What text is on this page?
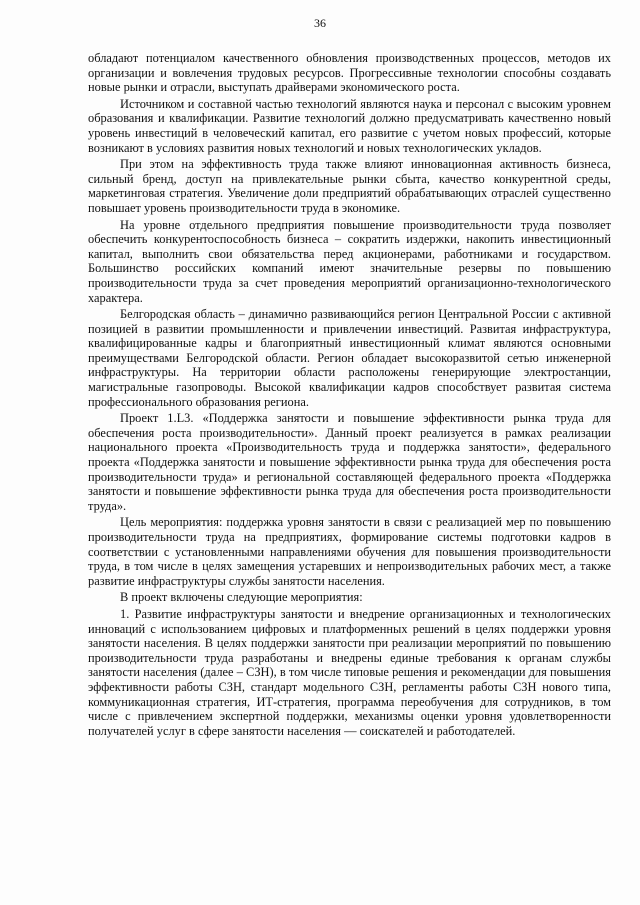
36

обладают потенциалом качественного обновления производственных процессов, методов их организации и вовлечения трудовых ресурсов. Прогрессивные технологии способны создавать новые рынки и отрасли, выступать драйверами экономического роста.

Источником и составной частью технологий являются наука и персонал с высоким уровнем образования и квалификации. Развитие технологий должно предусматривать качественно новый уровень инвестиций в человеческий капитал, его развитие с учетом новых профессий, которые возникают в условиях развития новых технологий и новых технологических укладов.

При этом на эффективность труда также влияют инновационная активность бизнеса, сильный бренд, доступ на привлекательные рынки сбыта, качество конкурентной среды, маркетинговая стратегия. Увеличение доли предприятий обрабатывающих отраслей существенно повышает уровень производительности труда в экономике.

На уровне отдельного предприятия повышение производительности труда позволяет обеспечить конкурентоспособность бизнеса – сократить издержки, накопить инвестиционный капитал, выполнить свои обязательства перед акционерами, работниками и государством. Большинство российских компаний имеют значительные резервы по повышению производительности труда за счет проведения мероприятий организационно-технологического характера.

Белгородская область – динамично развивающийся регион Центральной России с активной позицией в развитии промышленности и привлечении инвестиций. Развитая инфраструктура, квалифицированные кадры и благоприятный инвестиционный климат являются основными преимуществами Белгородской области. Регион обладает высокоразвитой сетью инженерной инфраструктуры. На территории области расположены генерирующие электростанции, магистральные газопроводы. Высокой квалификации кадров способствует развитая система профессионального образования региона.

Проект 1.L3. «Поддержка занятости и повышение эффективности рынка труда для обеспечения роста производительности». Данный проект реализуется в рамках реализации национального проекта «Производительность труда и поддержка занятости», федерального проекта «Поддержка занятости и повышение эффективности рынка труда для обеспечения роста производительности труда» и региональной составляющей федерального проекта «Поддержка занятости и повышение эффективности рынка труда для обеспечения роста производительности труда».

Цель мероприятия: поддержка уровня занятости в связи с реализацией мер по повышению производительности труда на предприятиях, формирование системы подготовки кадров в соответствии с установленными направлениями обучения для повышения производительности труда, в том числе в целях замещения устаревших и непроизводительных рабочих мест, а также развитие инфраструктуры службы занятости населения.

В проект включены следующие мероприятия:

1. Развитие инфраструктуры занятости и внедрение организационных и технологических инноваций с использованием цифровых и платформенных решений в целях поддержки уровня занятости населения. В целях поддержки занятости при реализации мероприятий по повышению производительности труда разработаны и внедрены единые требования к органам службы занятости населения (далее – СЗН), в том числе типовые решения и рекомендации для повышения эффективности работы СЗН, стандарт модельного СЗН, регламенты работы СЗН нового типа, коммуникационная стратегия, ИТ-стратегия, программа переобучения для сотрудников, в том числе с привлечением экспертной поддержки, механизмы оценки уровня удовлетворенности получателей услуг в сфере занятости населения — соискателей и работодателей.
